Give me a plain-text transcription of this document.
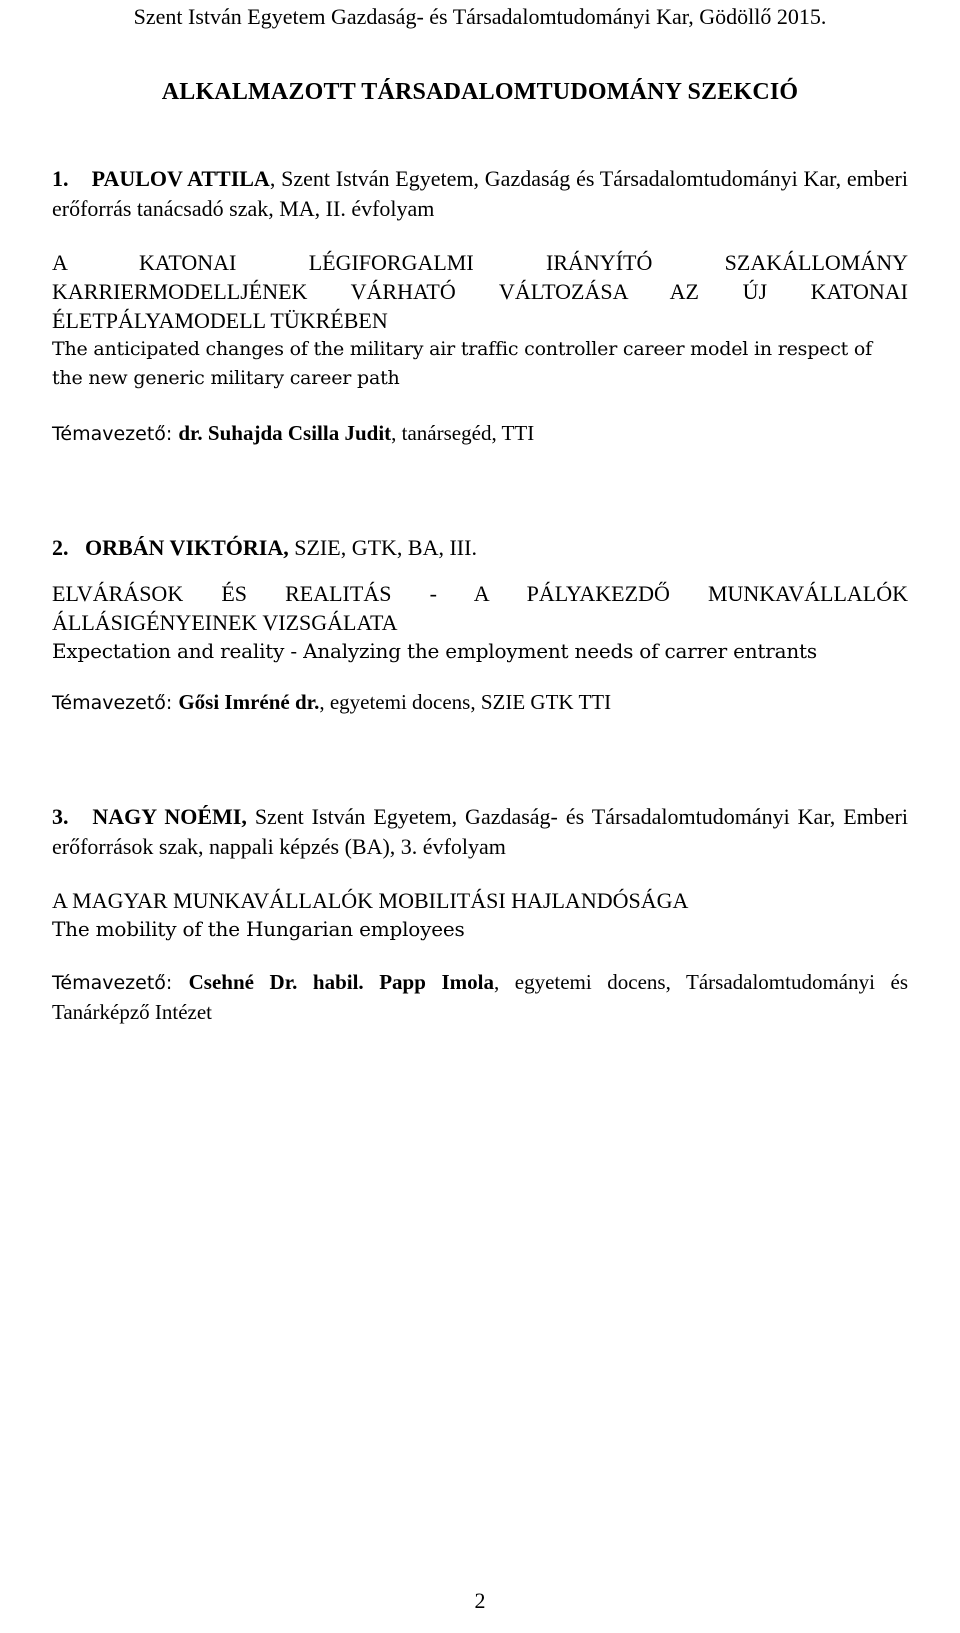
Szent István Egyetem Gazdaság- és Társadalomtudományi Kar, Gödöllő 2015.
ALKALMAZOTT TÁRSADALOMTUDOMÁNY SZEKCIÓ
1. PAULOV ATTILA, Szent István Egyetem, Gazdaság és Társadalomtudományi Kar, emberi erőforrás tanácsadó szak, MA, II. évfolyam
A KATONAI LÉGIFORGALMI IRÁNYÍTÓ SZAKÁLLOMÁNY
KARRIERMODELLJÉNEK VÁRHATÓ VÁLTOZÁSA AZ ÚJ KATONAI
ÉLETPÁLYAMODELL TÜKRÉBEN
The anticipated changes of the military air traffic controller career model in respect of the new generic military career path
Témavezető: dr. Suhajda Csilla Judit, tanársegéd, TTI
2. ORBÁN VIKTÓRIA, SZIE, GTK, BA, III.
ELVÁRÁSOK ÉS REALITÁS - A PÁLYAKEZDŐ MUNKAVÁLLALÓK ÁLLÁSIGÉNYEINEK VIZSGÁLATA
Expectation and reality - Analyzing the employment needs of carrer entrants
Témavezető: Gősi Imréné dr., egyetemi docens, SZIE GTK TTI
3. NAGY NOÉMI, Szent István Egyetem, Gazdaság- és Társadalomtudományi Kar, Emberi erőforrások szak, nappali képzés (BA), 3. évfolyam
A MAGYAR MUNKAVÁLLALÓK MOBILITÁSI HAJLANDÓSÁGA
The mobility of the Hungarian employees
Témavezető: Csehné Dr. habil. Papp Imola, egyetemi docens, Társadalomtudományi és Tanárképző Intézet
2
